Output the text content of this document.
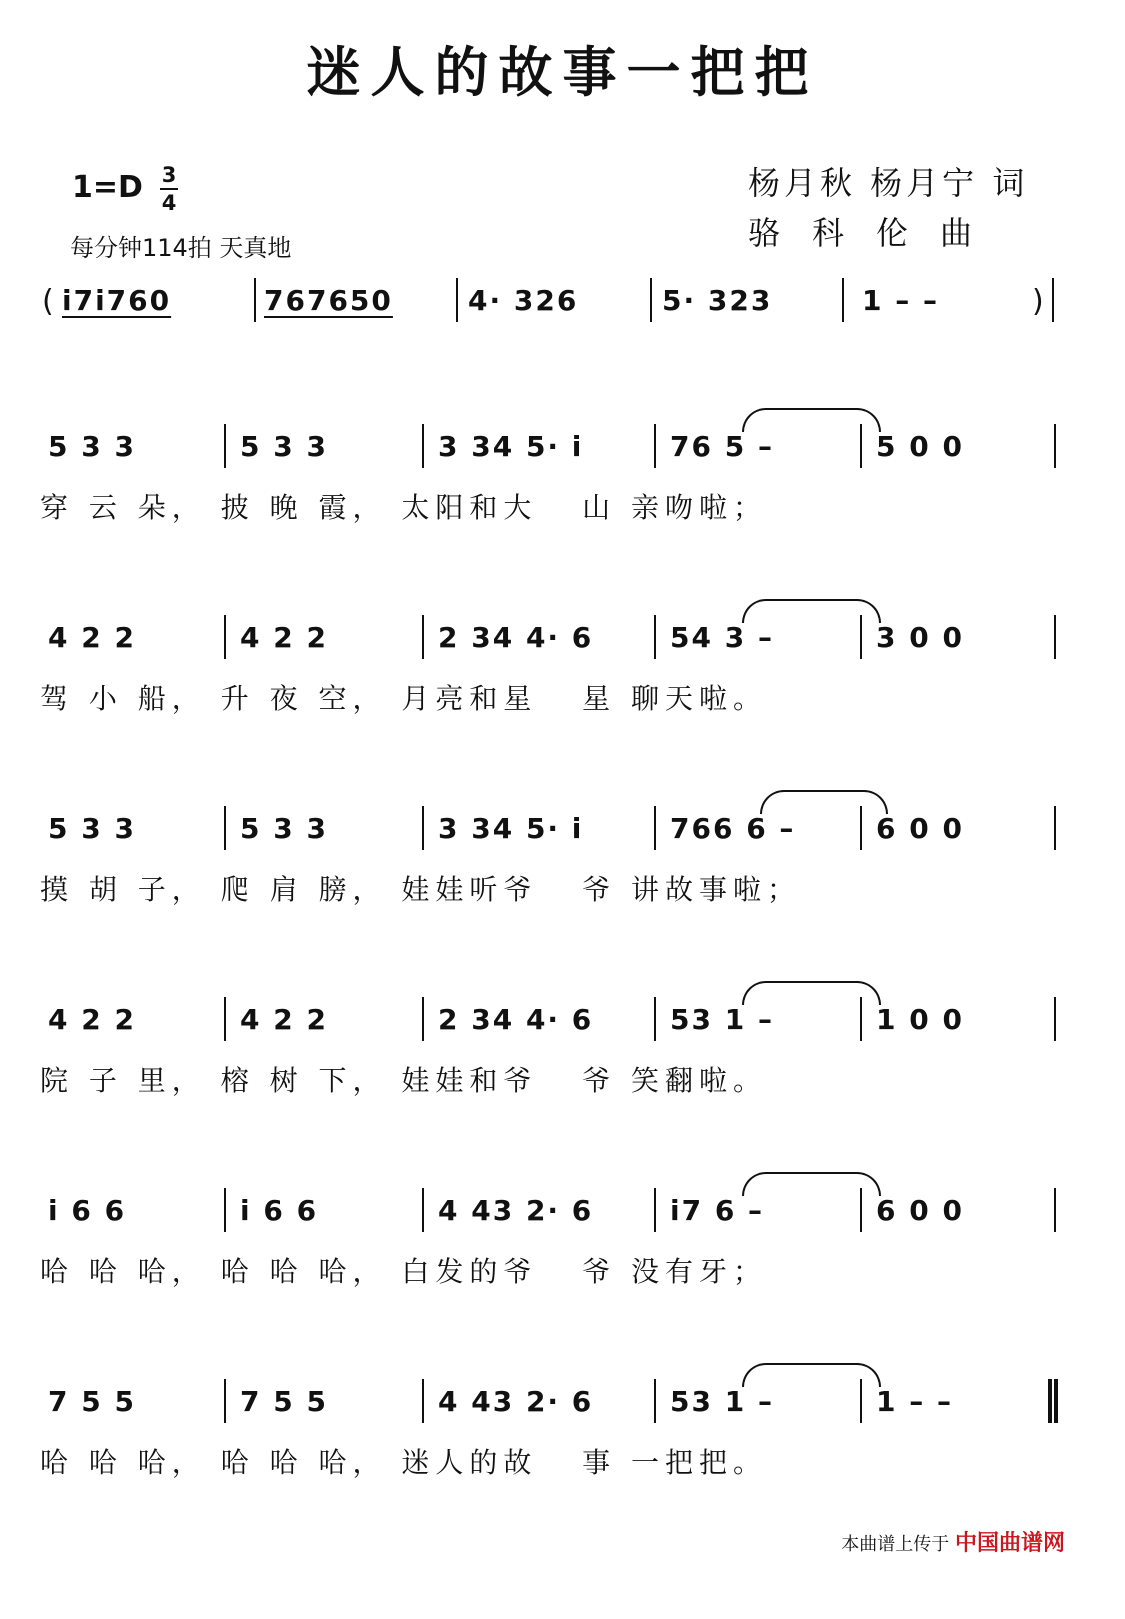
迷人的故事一把把
1=D 3
4
每分钟114拍 天真地
杨月秋 杨月宁 词
骆科伦曲
( i7i760	767650	4· 326	5· 323	1 – –	)
5 3 3	5 3 3	3 34 5· i	76 5 –	5 0 0
穿 云 朵， 披 晚 霞， 太阳和大   山 亲吻啦；
4 2 2	4 2 2	2 34 4· 6	54 3 –	3 0 0
驾 小 船， 升 夜 空， 月亮和星   星 聊天啦。
5 3 3	5 3 3	3 34 5· i	766 6 –	6 0 0
摸 胡 子， 爬 肩 膀， 娃娃听爷   爷 讲故事啦；
4 2 2	4 2 2	2 34 4· 6	53 1 –	1 0 0
院 子 里， 榕 树 下， 娃娃和爷   爷 笑翻啦。
i 6 6	i 6 6	4 43 2· 6	i7 6 –	6 0 0
哈 哈 哈， 哈 哈 哈， 白发的爷   爷 没有牙；
7 5 5	7 5 5	4 43 2· 6	53 1 –	1 – –
哈 哈 哈， 哈 哈 哈， 迷人的故   事 一把把。
本曲谱上传于 中国曲谱网
